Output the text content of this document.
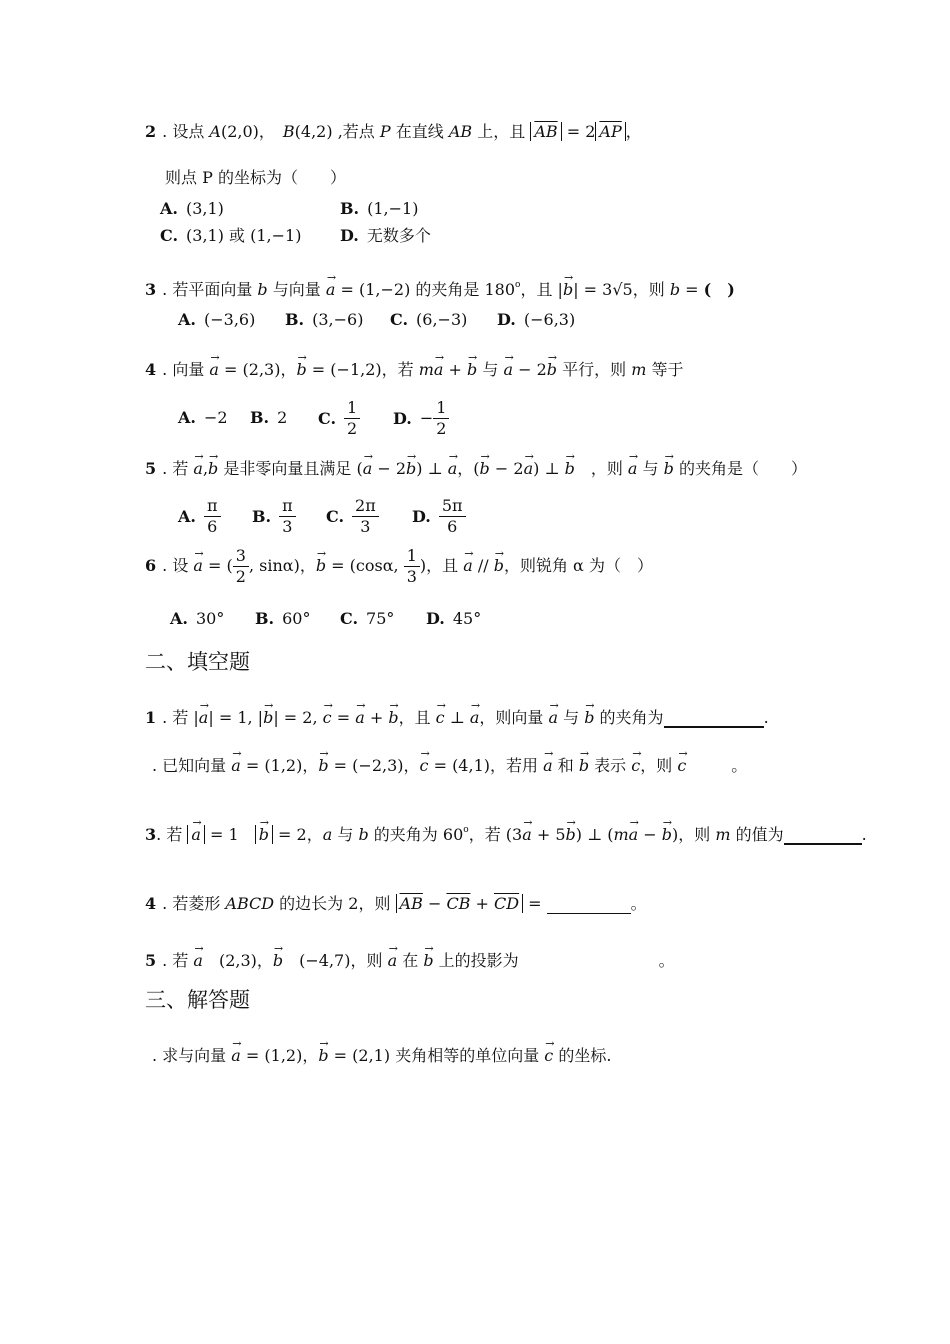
2 . 设点 A(2,0)，　B(4,2) ,若点 P 在直线 AB 上，且 $\overline{AB} = 2$ $\overline{AP}$ ，
则点 P 的坐标为（　　）
A. (3,1)	B. (1,−1)
C. (3,1) 或 (1,−1) D. 无数多个
3 . 若平面向量 b 与向量 → a = (1,−2) 的夹角是 180$^o$，且 |→ b| = 3√5，则 b = (　)
A. (−3,6) B. (3,−6) C. (6,−3) D. (−6,3)
4 . 向量 → a = (2,3)，→ b = (−1,2)，若 m→ a + → b 与 → a − 2→ b 平行，则 m 等于
A. −2 B. 2 C. $\frac{1}{2} D$. − $\frac{1}{2}$
5 . 若 → a,→ b 是非零向量且满足 (→ a − 2→ b) ⊥ → a，(→ b − 2→ a) ⊥ → b　，则 → a 与 → b 的夹角是（　　）
A. $\frac{\pi}{6} B$. $\frac{\pi}{3} C$. $\frac{2\pi}{3} D$. $\frac{5\pi}{6}$
6 . 设 → a = ( $\frac{3}{2}$ , sinα)，→ b = (cosα, $\frac{1}{3}$ )，且 → a // → b，则锐角 α 为（　）
A. 30° B. 60° C. 75° D. 45°
二、填空题
1 . 若 |→ a| = 1, |→ b| = 2, → c = → a + → b，且 → c ⊥ → a，则向量 → a 与 → b 的夹角为	.
. 已知向量 → a = (1,2)，→ b = (−2,3)，→ c = (4,1)，若用 → a 和 → b 表示 → c，则 → c	。
3. 若 → a = 1　→ b = 2，a 与 b 的夹角为 60$^o$，若 (3→ a + 5→ b) ⊥ (m→ a − → b)，则 m 的值为	.
4 . 若菱形 ABCD 的边长为 2，则 $\overline{AB} - \overline{CB} + \overline{CD}$ =	。
5 . 若 → a　(2,3)，→ b　(−4,7)，则 → a 在 → b 上的投影为	。
三、解答题
. 求与向量 → a = (1,2)，→ b = (2,1) 夹角相等的单位向量 → c 的坐标.
